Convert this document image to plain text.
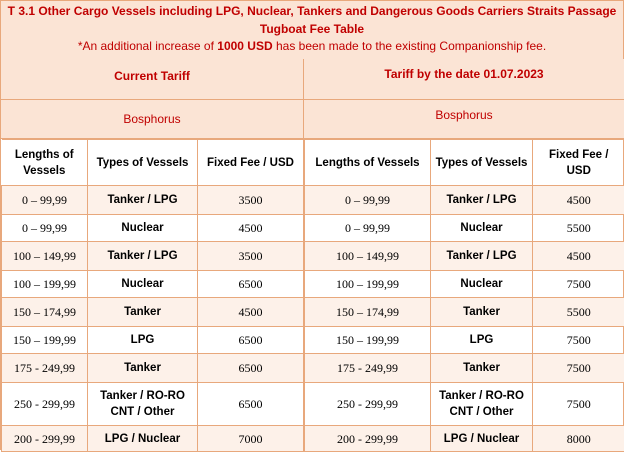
T 3.1 Other Cargo Vessels including LPG, Nuclear, Tankers and Dangerous Goods Carriers Straits Passage
Tugboat Fee Table
*An additional increase of 1000 USD has been made to the existing Companionship fee.
Current Tariff
Bosphorus
Lengths of Vessels	Types of Vessels	Fixed Fee / USD
0 – 99,99	Tanker / LPG	3500
0 – 99,99	Nuclear	4500
100 – 149,99	Tanker / LPG	3500
100 – 199,99	Nuclear	6500
150 – 174,99	Tanker	4500
150 – 199,99	LPG	6500
175 - 249,99	Tanker	6500
250 - 299,99	Tanker / RO-RO CNT / Other	6500
200 - 299,99	LPG / Nuclear	7000
Tariff by the date 01.07.2023
Bosphorus
Lengths of Vessels	Types of Vessels	Fixed Fee / USD
0 – 99,99	Tanker / LPG	4500
0 – 99,99	Nuclear	5500
100 – 149,99	Tanker / LPG	4500
100 – 199,99	Nuclear	7500
150 – 174,99	Tanker	5500
150 – 199,99	LPG	7500
175 - 249,99	Tanker	7500
250 - 299,99	Tanker / RO-RO CNT / Other	7500
200 - 299,99	LPG / Nuclear	8000
